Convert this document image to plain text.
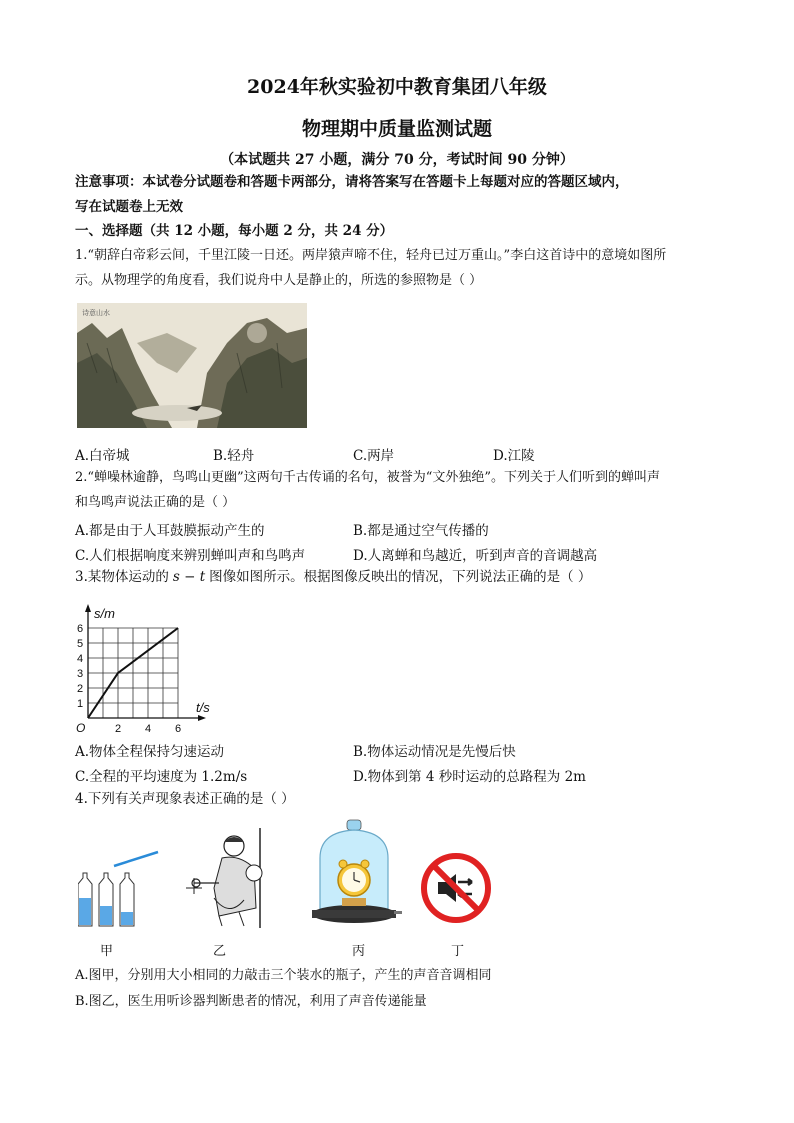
2024年秋实验初中教育集团八年级
物理期中质量监测试题
（本试题共 27 小题，满分 70 分，考试时间 90 分钟）
注意事项：本试卷分试题卷和答题卡两部分，请将答案写在答题卡上每题对应的答题区域内，
写在试题卷上无效
一、选择题（共 12 小题，每小题 2 分，共 24 分）
1.“朝辞白帝彩云间，千里江陵一日还。两岸猿声啼不住，轻舟已过万重山。”李白这首诗中的意境如图所
示。从物理学的角度看，我们说舟中人是静止的，所选的参照物是（ ）
诗意山水
A.白帝城	B.轻舟	C.两岸	D.江陵
2.“蝉噪林逾静，鸟鸣山更幽”这两句千古传诵的名句，被誉为“文外独绝”。下列关于人们听到的蝉叫声
和鸟鸣声说法正确的是（ ）
A.都是由于人耳鼓膜振动产生的	B.都是通过空气传播的
C.人们根据响度来辨别蝉叫声和鸟鸣声	D.人离蝉和鸟越近，听到声音的音调越高
3.某物体运动的 s − t 图像如图所示。根据图像反映出的情况，下列说法正确的是（ ）
1
2
3
4
5
6
2 4 6
O
s/m
t/s
A.物体全程保持匀速运动	B.物体运动情况是先慢后快
C.全程的平均速度为 1.2m/s	D.物体到第 4 秒时运动的总路程为 2m
4.下列有关声现象表述正确的是（ ）
甲	乙	丙	丁
A.图甲，分别用大小相同的力敲击三个装水的瓶子，产生的声音音调相同
B.图乙，医生用听诊器判断患者的情况，利用了声音传递能量
